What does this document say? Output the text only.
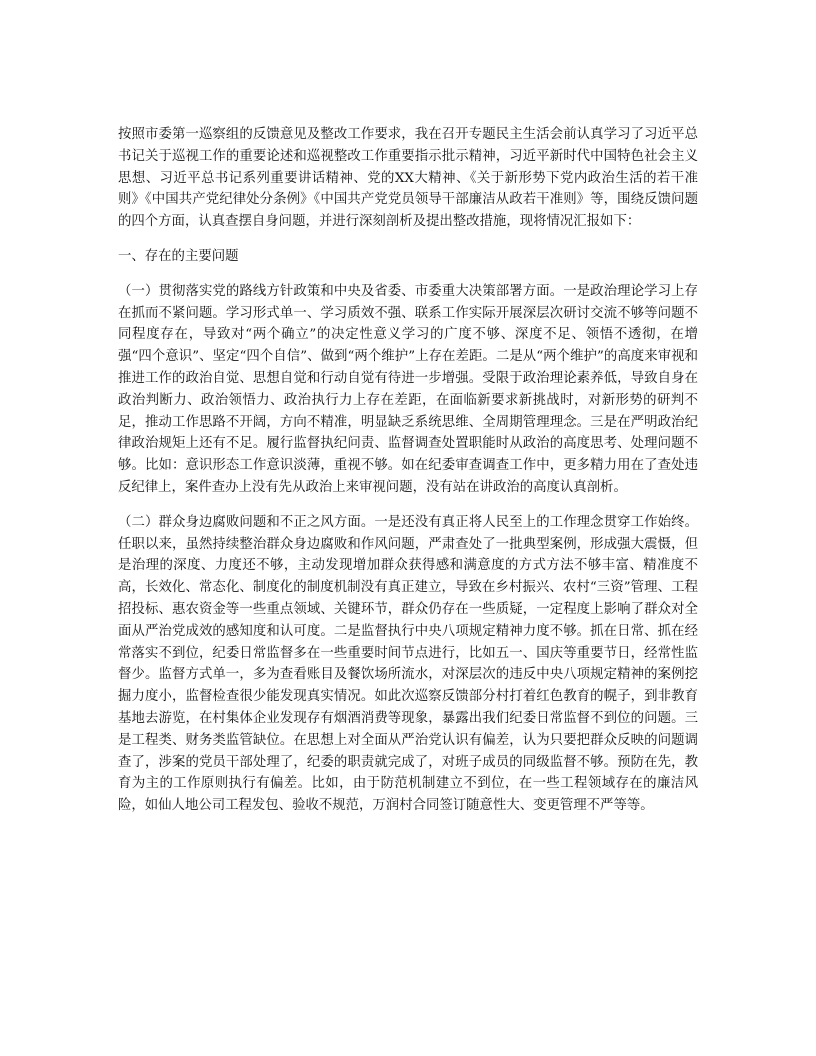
按照市委第一巡察组的反馈意见及整改工作要求，我在召开专题民主生活会前认真学习了习近平总书记关于巡视工作的重要论述和巡视整改工作重要指示批示精神，习近平新时代中国特色社会主义思想、习近平总书记系列重要讲话精神、党的XX大精神、《关于新形势下党内政治生活的若干准则》《中国共产党纪律处分条例》《中国共产党党员领导干部廉洁从政若干准则》等，围绕反馈问题的四个方面，认真查摆自身问题，并进行深刻剖析及提出整改措施，现将情况汇报如下：

一、存在的主要问题

（一）贯彻落实党的路线方针政策和中央及省委、市委重大决策部署方面。一是政治理论学习上存在抓而不紧问题。学习形式单一、学习质效不强、联系工作实际开展深层次研讨交流不够等问题不同程度存在，导致对“两个确立”的决定性意义学习的广度不够、深度不足、领悟不透彻，在增强“四个意识”、坚定“四个自信”、做到“两个维护”上存在差距。二是从“两个维护”的高度来审视和推进工作的政治自觉、思想自觉和行动自觉有待进一步增强。受限于政治理论素养低，导致自身在政治判断力、政治领悟力、政治执行力上存在差距，在面临新要求新挑战时，对新形势的研判不足，推动工作思路不开阔，方向不精准，明显缺乏系统思维、全周期管理理念。三是在严明政治纪律政治规矩上还有不足。履行监督执纪问责、监督调查处置职能时从政治的高度思考、处理问题不够。比如：意识形态工作意识淡薄，重视不够。如在纪委审查调查工作中，更多精力用在了查处违反纪律上，案件查办上没有先从政治上来审视问题，没有站在讲政治的高度认真剖析。

（二）群众身边腐败问题和不正之风方面。一是还没有真正将人民至上的工作理念贯穿工作始终。任职以来，虽然持续整治群众身边腐败和作风问题，严肃查处了一批典型案例，形成强大震慑，但是治理的深度、力度还不够，主动发现增加群众获得感和满意度的方式方法不够丰富、精准度不高，长效化、常态化、制度化的制度机制没有真正建立，导致在乡村振兴、农村“三资”管理、工程招投标、惠农资金等一些重点领域、关键环节，群众仍存在一些质疑，一定程度上影响了群众对全面从严治党成效的感知度和认可度。二是监督执行中央八项规定精神力度不够。抓在日常、抓在经常落实不到位，纪委日常监督多在一些重要时间节点进行，比如五一、国庆等重要节日，经常性监督少。监督方式单一，多为查看账目及餐饮场所流水，对深层次的违反中央八项规定精神的案例挖掘力度小，监督检查很少能发现真实情况。如此次巡察反馈部分村打着红色教育的幌子，到非教育基地去游览，在村集体企业发现存有烟酒消费等现象，暴露出我们纪委日常监督不到位的问题。三是工程类、财务类监管缺位。在思想上对全面从严治党认识有偏差，认为只要把群众反映的问题调查了，涉案的党员干部处理了，纪委的职责就完成了，对班子成员的同级监督不够。预防在先，教育为主的工作原则执行有偏差。比如，由于防范机制建立不到位，在一些工程领域存在的廉洁风险，如仙人地公司工程发包、验收不规范，万润村合同签订随意性大、变更管理不严等等。
